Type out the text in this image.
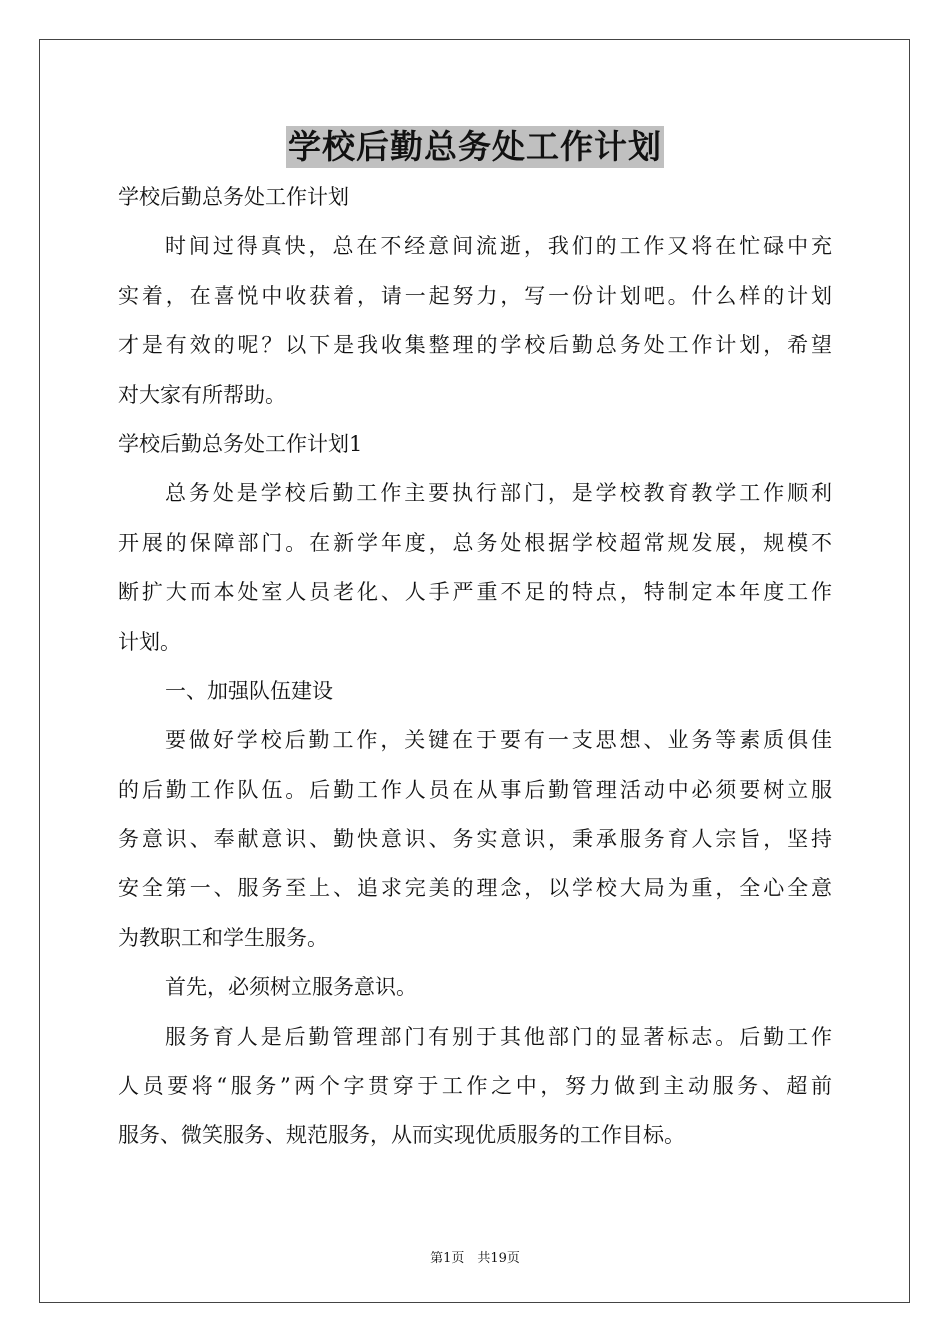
学校后勤总务处工作计划
学校后勤总务处工作计划
时间过得真快，总在不经意间流逝，我们的工作又将在忙碌中充
实着，在喜悦中收获着，请一起努力，写一份计划吧。什么样的计划
才是有效的呢？以下是我收集整理的学校后勤总务处工作计划，希望
对大家有所帮助。
学校后勤总务处工作计划1
总务处是学校后勤工作主要执行部门，是学校教育教学工作顺利
开展的保障部门。在新学年度，总务处根据学校超常规发展，规模不
断扩大而本处室人员老化、人手严重不足的特点，特制定本年度工作
计划。
一、加强队伍建设
要做好学校后勤工作，关键在于要有一支思想、业务等素质俱佳
的后勤工作队伍。后勤工作人员在从事后勤管理活动中必须要树立服
务意识、奉献意识、勤快意识、务实意识，秉承服务育人宗旨，坚持
安全第一、服务至上、追求完美的理念，以学校大局为重，全心全意
为教职工和学生服务。
首先，必须树立服务意识。
服务育人是后勤管理部门有别于其他部门的显著标志。后勤工作
人员要将“服务”两个字贯穿于工作之中，努力做到主动服务、超前
服务、微笑服务、规范服务，从而实现优质服务的工作目标。
第1页　共19页
